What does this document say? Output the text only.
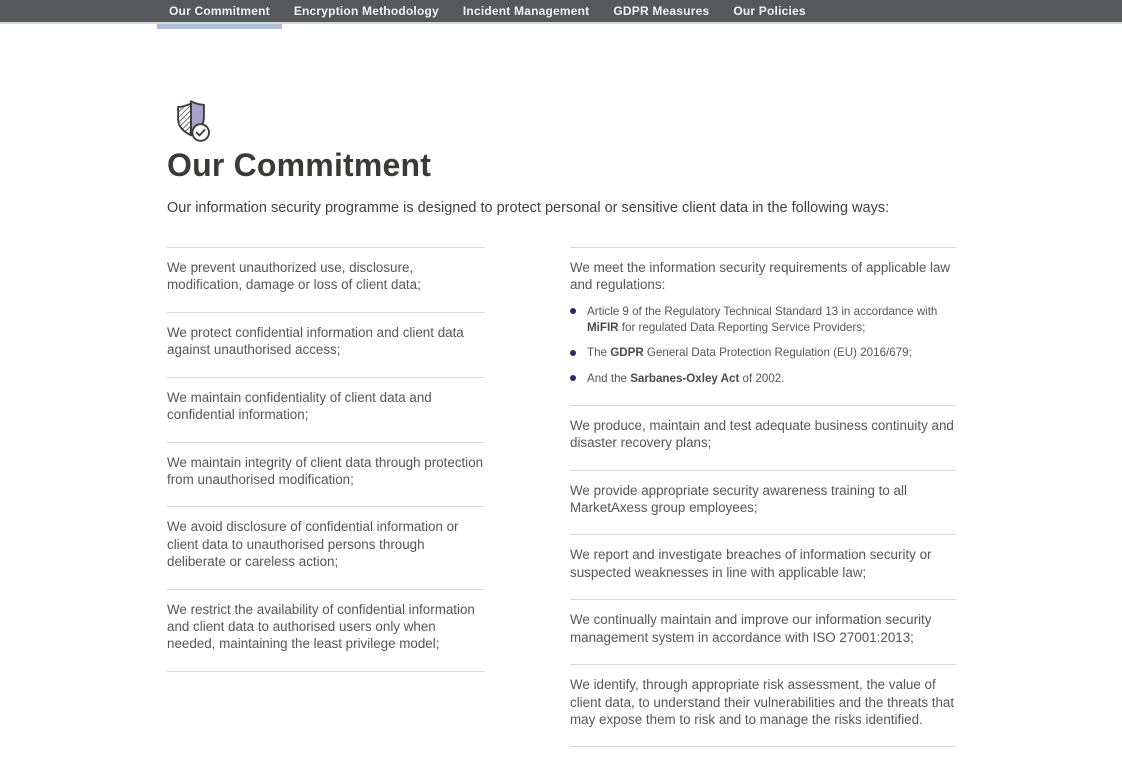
Our Commitment	Encryption Methodology	Incident Management	GDPR Measures	Our Policies
Our Commitment

Our information security programme is designed to protect personal or sensitive client data in the following ways:

We prevent unauthorized use, disclosure, modification, damage or loss of client data;

We protect confidential information and client data against unauthorised access;

We maintain confidentiality of client data and confidential information;

We maintain integrity of client data through protection from unauthorised modification;

We avoid disclosure of confidential information or client data to unauthorised persons through deliberate or careless action;

We restrict the availability of confidential information and client data to authorised users only when needed, maintaining the least privilege model;

We meet the information security requirements of applicable law and regulations:

Article 9 of the Regulatory Technical Standard 13 in accordance with MiFIR for regulated Data Reporting Service Providers;
The GDPR General Data Protection Regulation (EU) 2016/679;
And the Sarbanes-Oxley Act of 2002.

We produce, maintain and test adequate business continuity and disaster recovery plans;

We provide appropriate security awareness training to all MarketAxess group employees;

We report and investigate breaches of information security or suspected weaknesses in line with applicable law;

We continually maintain and improve our information security management system in accordance with ISO 27001:2013;

We identify, through appropriate risk assessment, the value of client data, to understand their vulnerabilities and the threats that may expose them to risk and to manage the risks identified.
